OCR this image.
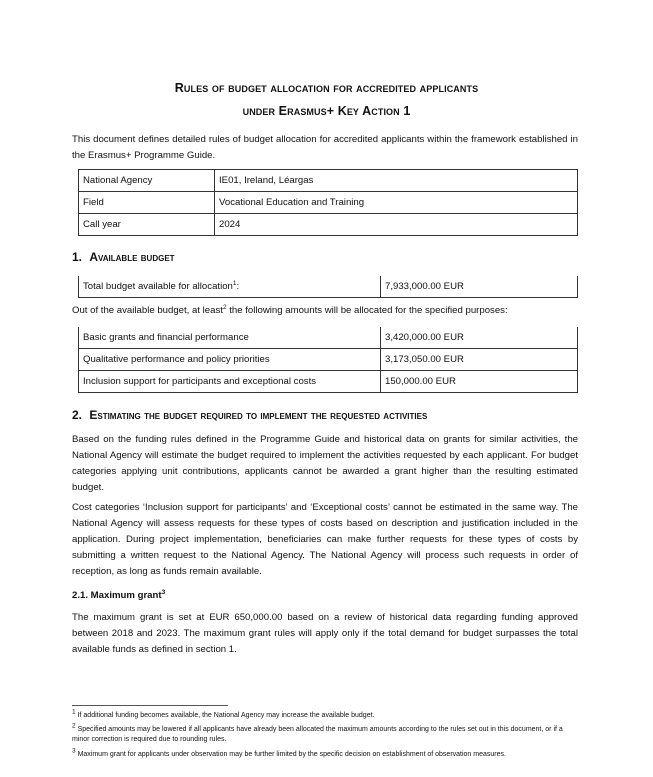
Rules of budget allocation for accredited applicants
under Erasmus+ Key Action 1
This document defines detailed rules of budget allocation for accredited applicants within the framework established in the Erasmus+ Programme Guide.
National Agency	IE01, Ireland, Léargas
Field	Vocational Education and Training
Call year	2024
1. Available budget
Total budget available for allocation$^1$:	7,933,000.00 EUR
Out of the available budget, at least$^2$ the following amounts will be allocated for the specified purposes:
Basic grants and financial performance	3,420,000.00 EUR
Qualitative performance and policy priorities	3,173,050.00 EUR
Inclusion support for participants and exceptional costs	150,000.00 EUR
2. Estimating the budget required to implement the requested activities
Based on the funding rules defined in the Programme Guide and historical data on grants for similar activities, the National Agency will estimate the budget required to implement the activities requested by each applicant. For budget categories applying unit contributions, applicants cannot be awarded a grant higher than the resulting estimated budget.
Cost categories ‘Inclusion support for participants’ and ‘Exceptional costs’ cannot be estimated in the same way. The National Agency will assess requests for these types of costs based on description and justification included in the application. During project implementation, beneficiaries can make further requests for these types of costs by submitting a written request to the National Agency. The National Agency will process such requests in order of reception, as long as funds remain available.
2.1. Maximum grant$^3$
The maximum grant is set at EUR 650,000.00 based on a review of historical data regarding funding approved between 2018 and 2023. The maximum grant rules will apply only if the total demand for budget surpasses the total available funds as defined in section 1.
$^1$ If additional funding becomes available, the National Agency may increase the available budget.
$^2$ Specified amounts may be lowered if all applicants have already been allocated the maximum amounts according to the rules set out in this document, or if a minor correction is required due to rounding rules.
$^3$ Maximum grant for applicants under observation may be further limited by the specific decision on establishment of observation measures.
